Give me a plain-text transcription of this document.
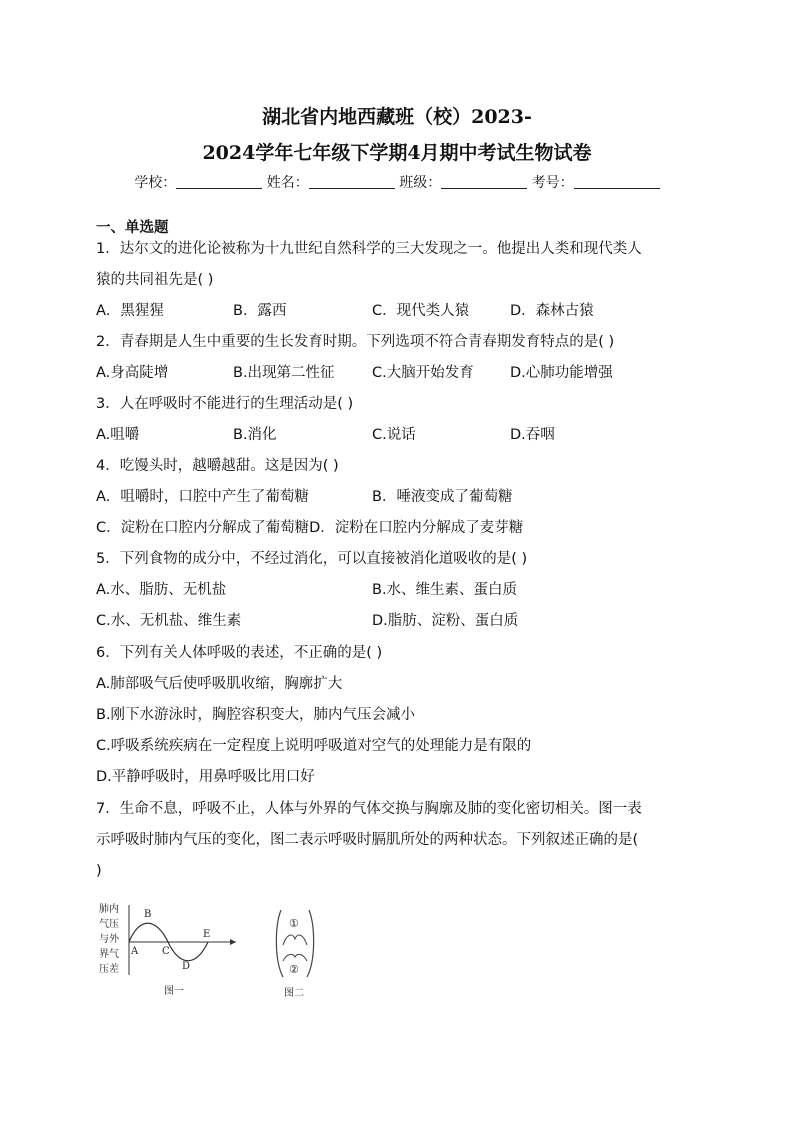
湖北省内地西藏班（校）2023-
2024学年七年级下学期4月期中考试生物试卷
学校：	姓名：	班级：	考号：
一、单选题
1．达尔文的进化论被称为十九世纪自然科学的三大发现之一。他提出人类和现代类人
猿的共同祖先是( )
A．黑猩猩	B．露西	C．现代类人猿	D．森林古猿
2．青春期是人生中重要的生长发育时期。下列选项不符合青春期发育特点的是( )
A.身高陡增	B.出现第二性征	C.大脑开始发育	D.心肺功能增强
3．人在呼吸时不能进行的生理活动是( )
A.咀嚼	B.消化	C.说话	D.吞咽
4．吃馒头时，越嚼越甜。这是因为( )
A．咀嚼时，口腔中产生了葡萄糖	B．唾液变成了葡萄糖
C．淀粉在口腔内分解成了葡萄糖D．淀粉在口腔内分解成了麦芽糖
5．下列食物的成分中，不经过消化，可以直接被消化道吸收的是( )
A.水、脂肪、无机盐	B.水、维生素、蛋白质
C.水、无机盐、维生素	D.脂肪、淀粉、蛋白质
6．下列有关人体呼吸的表述，不正确的是( )
A.肺部吸气后使呼吸肌收缩，胸廓扩大
B.刚下水游泳时，胸腔容积变大，肺内气压会减小
C.呼吸系统疾病在一定程度上说明呼吸道对空气的处理能力是有限的
D.平静呼吸时，用鼻呼吸比用口好
7．生命不息，呼吸不止，人体与外界的气体交换与胸廓及肺的变化密切相关。图一表
示呼吸时肺内气压的变化，图二表示呼吸时膈肌所处的两种状态。下列叙述正确的是(
)
肺内
气压
与外
界气
压差
A
B
C
D
E
图一
①
②
图二
